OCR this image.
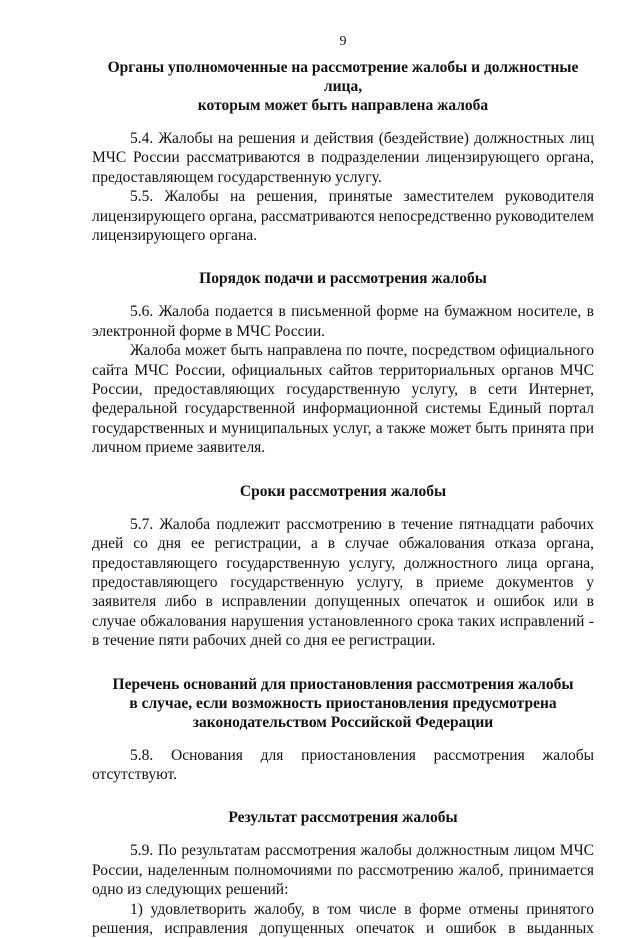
9
Органы уполномоченные на рассмотрение жалобы и должностные лица,
которым может быть направлена жалоба

5.4. Жалобы на решения и действия (бездействие) должностных лиц МЧС России рассматриваются в подразделении лицензирующего органа, предоставляющем государственную услугу.

5.5. Жалобы на решения, принятые заместителем руководителя лицензирующего органа, рассматриваются непосредственно руководителем лицензирующего органа.

Порядок подачи и рассмотрения жалобы

5.6. Жалоба подается в письменной форме на бумажном носителе, в электронной форме в МЧС России.

Жалоба может быть направлена по почте, посредством официального сайта МЧС России, официальных сайтов территориальных органов МЧС России, предоставляющих государственную услугу, в сети Интернет, федеральной государственной информационной системы Единый портал государственных и муниципальных услуг, а также может быть принята при личном приеме заявителя.

Сроки рассмотрения жалобы

5.7. Жалоба подлежит рассмотрению в течение пятнадцати рабочих дней со дня ее регистрации, а в случае обжалования отказа органа, предоставляющего государственную услугу, должностного лица органа, предоставляющего государственную услугу, в приеме документов у заявителя либо в исправлении допущенных опечаток и ошибок или в случае обжалования нарушения установленного срока таких исправлений - в течение пяти рабочих дней со дня ее регистрации.

Перечень оснований для приостановления рассмотрения жалобы
в случае, если возможность приостановления предусмотрена
законодательством Российской Федерации

5.8. Основания для приостановления рассмотрения жалобы отсутствуют.

Результат рассмотрения жалобы

5.9. По результатам рассмотрения жалобы должностным лицом МЧС России, наделенным полномочиями по рассмотрению жалоб, принимается одно из следующих решений:

1) удовлетворить жалобу, в том числе в форме отмены принятого решения, исправления допущенных опечаток и ошибок в выданных
